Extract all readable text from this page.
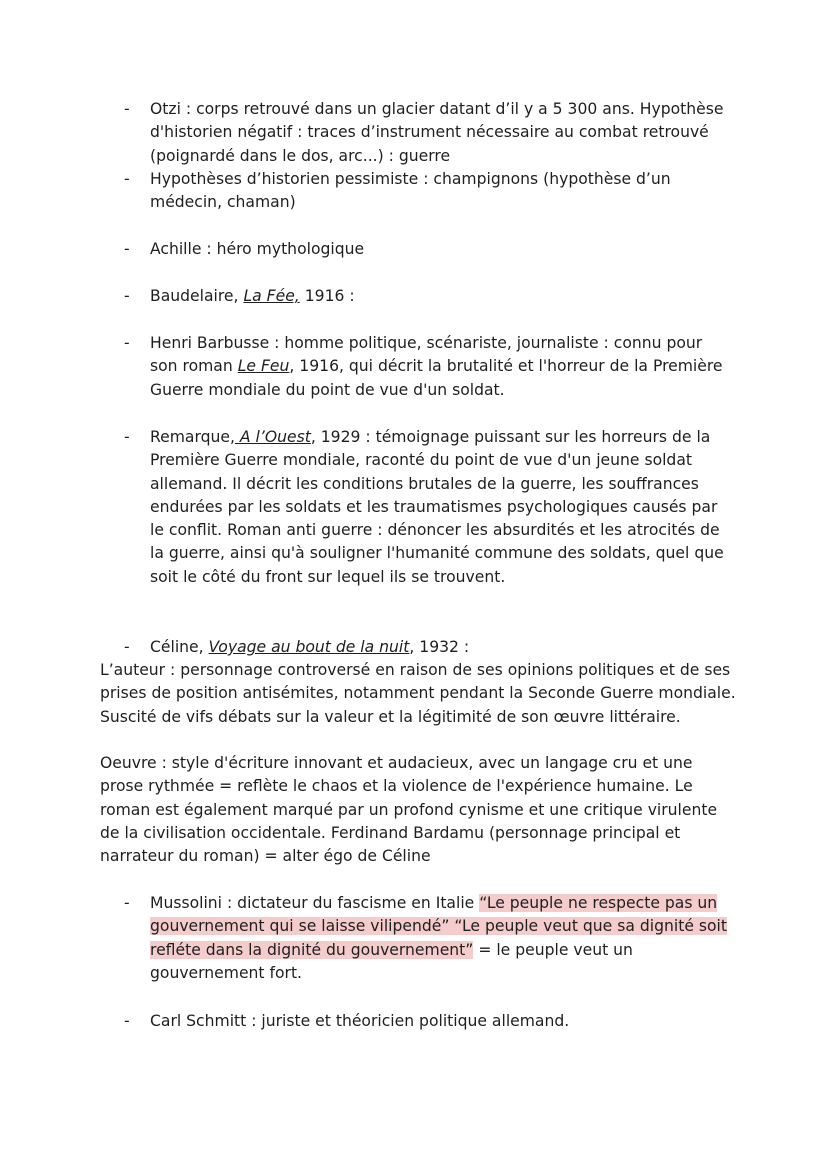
-	Otzi : corps retrouvé dans un glacier datant d’il y a 5 300 ans. Hypothèse d'historien négatif : traces d’instrument nécessaire au combat retrouvé (poignardé dans le dos, arc...) : guerre
-	Hypothèses d’historien pessimiste : champignons (hypothèse d’un médecin, chaman)
-	Achille : héro mythologique
-	Baudelaire, La Fée, 1916 :
-	Henri Barbusse : homme politique, scénariste, journaliste : connu pour son roman Le Feu, 1916, qui décrit la brutalité et l'horreur de la Première Guerre mondiale du point de vue d'un soldat.
-	Remarque, A l’Ouest, 1929 : témoignage puissant sur les horreurs de la Première Guerre mondiale, raconté du point de vue d'un jeune soldat allemand. Il décrit les conditions brutales de la guerre, les souffrances endurées par les soldats et les traumatismes psychologiques causés par le conflit. Roman anti guerre : dénoncer les absurdités et les atrocités de la guerre, ainsi qu'à souligner l'humanité commune des soldats, quel que soit le côté du front sur lequel ils se trouvent.
-	Céline, Voyage au bout de la nuit, 1932 :
L’auteur : personnage controversé en raison de ses opinions politiques et de ses prises de position antisémites, notamment pendant la Seconde Guerre mondiale. Suscité de vifs débats sur la valeur et la légitimité de son œuvre littéraire.
Oeuvre : style d'écriture innovant et audacieux, avec un langage cru et une prose rythmée = reflète le chaos et la violence de l'expérience humaine. Le roman est également marqué par un profond cynisme et une critique virulente de la civilisation occidentale. Ferdinand Bardamu (personnage principal et narrateur du roman) = alter égo de Céline
-	Mussolini : dictateur du fascisme en Italie “Le peuple ne respecte pas un gouvernement qui se laisse vilipendé” “Le peuple veut que sa dignité soit refléte dans la dignité du gouvernement” = le peuple veut un gouvernement fort.
-	Carl Schmitt : juriste et théoricien politique allemand.
